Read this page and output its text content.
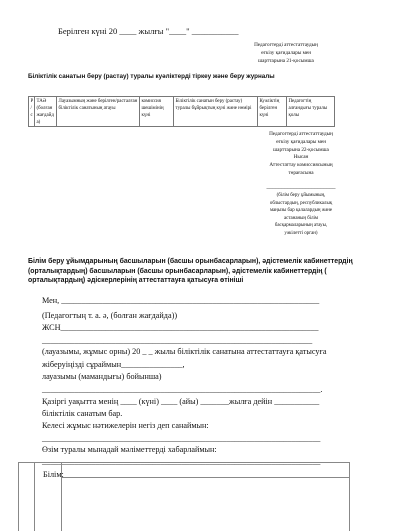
Берілген күні 20 ____ жылғы "____" ___________
Педагогтерді аттестаттаудың
өткізу қағидалары мен
шарттарына 21-қосымша
Біліктілік санатын беру (растау) туралы куәліктерді тіркеу және беру журналы
Р/с	ТАӘ (болған жағдайда)	Лауазымның және берілген/расталған біліктілік санатының атауы	комиссия шешімінің күні	Біліктілік санатын беру (растау) туралы бұйрықтың күні және нөмірі	Куәліктің берілген күні	Педагогтің алғандығы туралы қолы
Педагогтерді аттестаттаудың
өткізу қағидалары мен
шарттарына 22-қосымша
Нысан
Аттестаттау комиссиясының
төрағасына
_______________________
(білім беру ұйымының,
облыстардың, республикалық
маңызы бар қалалардың және
астананың білім
басқармаларының атауы,
уәкілетті орган)
Білім беру ұйымдарының басшыларын (басшы орынбасарларын), әдістемелік кабинеттердің
(орталықтардың) басшыларын (басшы орынбасарларын), әдістемелік кабинеттердің (
орталықтардың) әдіскерлерінің аттестаттауға қатысуға өтініші
Мен, _______________________________________________________________
(Педагогтың т. а. ә, (болған жағдайда))
ЖСН_______________________________________________________________
__________________________________________________________________
(лауазымы, жұмыс орны) 20 _ _ жылы біліктілік санатына аттестаттауға қатысуға
жіберуіңізді сұраймын_______________,
лауазымы (мамандығы) бойынша)
____________________________________________________________________.
Қазіргі уақытта менің ____ (күні) ____ (айы) _______жылға дейін ___________
біліктілік санатым бар.
Келесі жұмыс нәтижелерін негіз деп санаймын:
____________________________________________________________________
Өзім туралы мынадай мәліметтерді хабарлаймын:
____________________________________________________________________
Білім:
